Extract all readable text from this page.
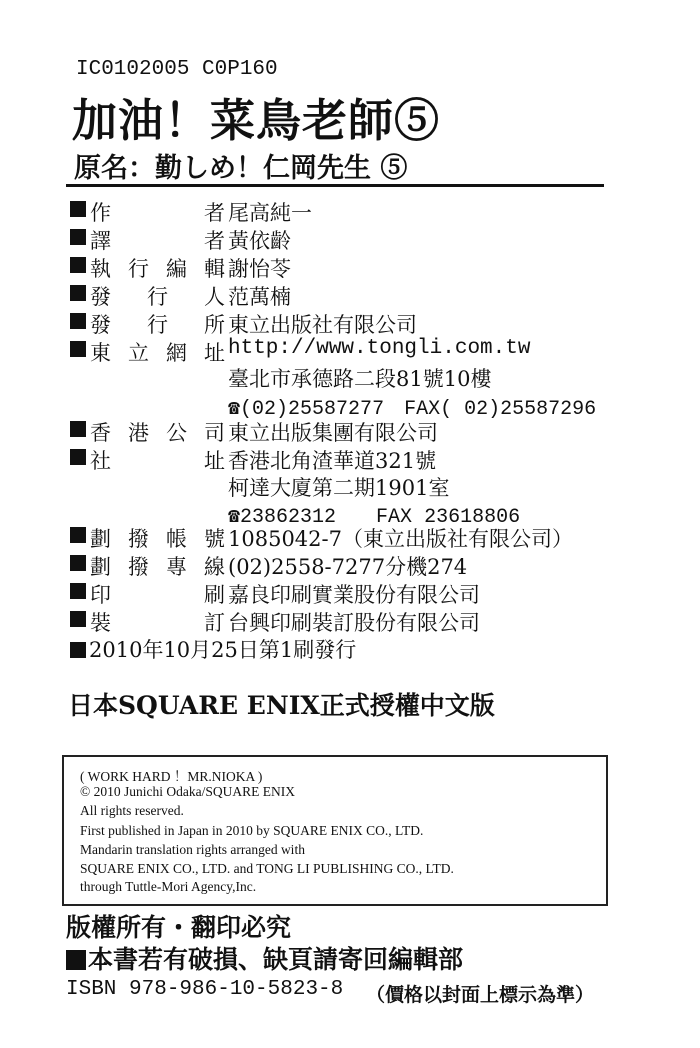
IC0102005 C0P160
加油！菜鳥老師⑤
原名：勤しめ！仁岡先生 ⑤
作　　者 尾高純一
譯　　者 黃依齡
執行編輯 謝怡苓
發 行 人 范萬楠
發 行 所 東立出版社有限公司
東立網址 http://www.tongli.com.tw
臺北市承德路二段81號10樓
☎(02)25587277　FAX( 02)25587296
香港公司 東立出版集團有限公司
社　　址 香港北角渣華道321號
柯達大廈第二期1901室
☎23862312　　FAX 23618806
劃撥帳號 1085042-7（東立出版社有限公司）
劃撥專線 (02)2558-7277分機274
印　　刷 嘉良印刷實業股份有限公司
裝　　訂 台興印刷裝訂股份有限公司
2010年10月25日第1刷發行
日本SQUARE ENIX正式授權中文版
( WORK HARD ！MR.NIOKA )
© 2010 Junichi Odaka/SQUARE ENIX
All rights reserved.
First published in Japan in 2010 by SQUARE ENIX CO., LTD.
Mandarin translation rights arranged with
SQUARE ENIX CO., LTD. and TONG LI PUBLISHING CO., LTD.
through Tuttle-Mori Agency,Inc.
版權所有・翻印必究
本書若有破損、缺頁請寄回編輯部
ISBN 978-986-10-5823-8 （價格以封面上標示為準）
